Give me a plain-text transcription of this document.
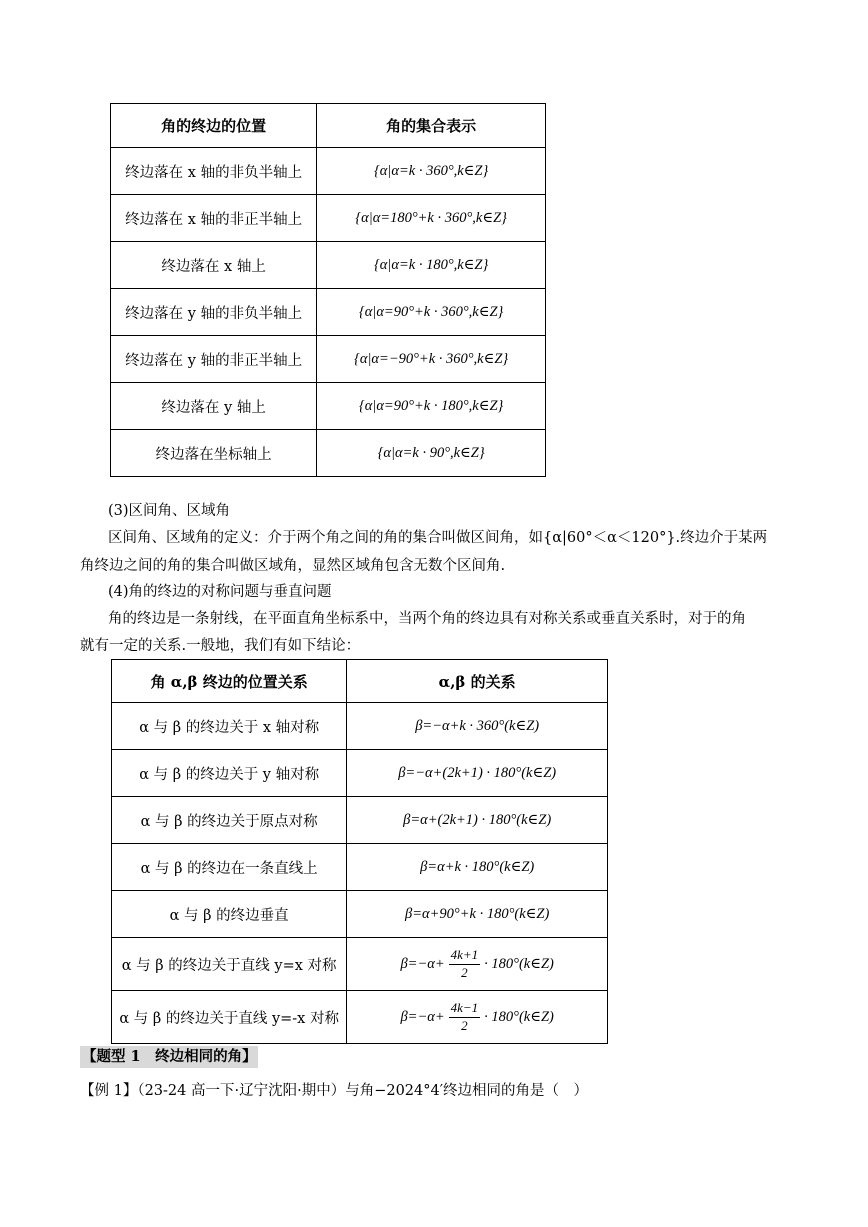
角的终边的位置	角的集合表示
终边落在 x 轴的非负半轴上	{α|α=k · 360°,k∈Z}
终边落在 x 轴的非正半轴上	{α|α=180°+k · 360°,k∈Z}
终边落在 x 轴上	{α|α=k · 180°,k∈Z}
终边落在 y 轴的非负半轴上	{α|α=90°+k · 360°,k∈Z}
终边落在 y 轴的非正半轴上	{α|α=−90°+k · 360°,k∈Z}
终边落在 y 轴上	{α|α=90°+k · 180°,k∈Z}
终边落在坐标轴上	{α|α=k · 90°,k∈Z}
(3)区间角、区域角
区间角、区域角的定义：介于两个角之间的角的集合叫做区间角，如{α|60°＜α＜120°}.终边介于某两
角终边之间的角的集合叫做区域角，显然区域角包含无数个区间角.
(4)角的终边的对称问题与垂直问题
角的终边是一条射线，在平面直角坐标系中，当两个角的终边具有对称关系或垂直关系时，对于的角
就有一定的关系.一般地，我们有如下结论：
角 α,β 终边的位置关系	α,β 的关系
α 与 β 的终边关于 x 轴对称	β=−α+k · 360°(k∈Z)
α 与 β 的终边关于 y 轴对称	β=−α+(2k+1) · 180°(k∈Z)
α 与 β 的终边关于原点对称	β=α+(2k+1) · 180°(k∈Z)
α 与 β 的终边在一条直线上	β=α+k · 180°(k∈Z)
α 与 β 的终边垂直	β=α+90°+k · 180°(k∈Z)
α 与 β 的终边关于直线 y=x 对称	$\beta=-\alpha+ \frac{4k+1}{2}$ · 180°(k∈Z)

α 与 β 的终边关于直线 y=-x 对称	$\beta=-\alpha+ \frac{4k-1}{2}$ · 180°(k∈Z)
【题型 1　终边相同的角】
【例 1】（23-24 高一下·辽宁沈阳·期中）与角−2024°4′终边相同的角是（　）
